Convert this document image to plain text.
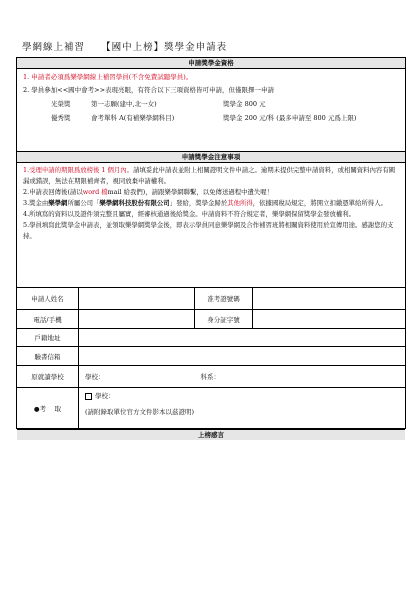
學網線上補習    【國中上榜】獎學金申請表
申請獎學金資格
1. 申請者必須爲樂學網線上補習學員(不含免費試聽學員)。
2. 學員參加<<國中會考>>表現亮眼，有符合以下三項資格皆可申請，但僅限擇一申請
光榮獎	第一志願(建中,北一女)	獎學金 800 元
優秀獎	會考單科 A(有補樂學網科目)	獎學金 200 元/科 (最多申請至 800 元爲上限)
申請獎學金注意事項

1.受理申請的期限爲放榜後 1 個月內。請填妥此申請表並附上相關證明文件申請之。逾期未提供完整申請資料，或相關資料內容有闕漏或錯誤，無法在期限補齊者，視同放棄申請權利。

2.申請表回傳後(請以word 檔mail 給我們)，請跟樂學網聯繫，以免傳送過程中遺失喔！

3.獎金由樂學網所屬公司「樂學網科技股份有限公司」發給，獎學金歸於其他所得，依據國稅局規定，將開立扣繳憑單給所得人。

4.所填寫的資料以及證件須完整且屬實，經審核通過後給獎金。申請資料不符合規定者，樂學網保留獎學金發放權利。

5.學員填寫此獎學金申請表，並領取樂學網獎學金後，即表示學員同意樂學網及合作補習班將相關資料使用於宣傳用途。感謝您的支持。

申請人姓名	准考證號碼
電話/手機	身分証字號
戶籍地址
驗書信箱
原就讀學校	學校：	科系：
●考　 取
學校：
(請附錄取單位官方文件影本以茲證明)
上榜感言
